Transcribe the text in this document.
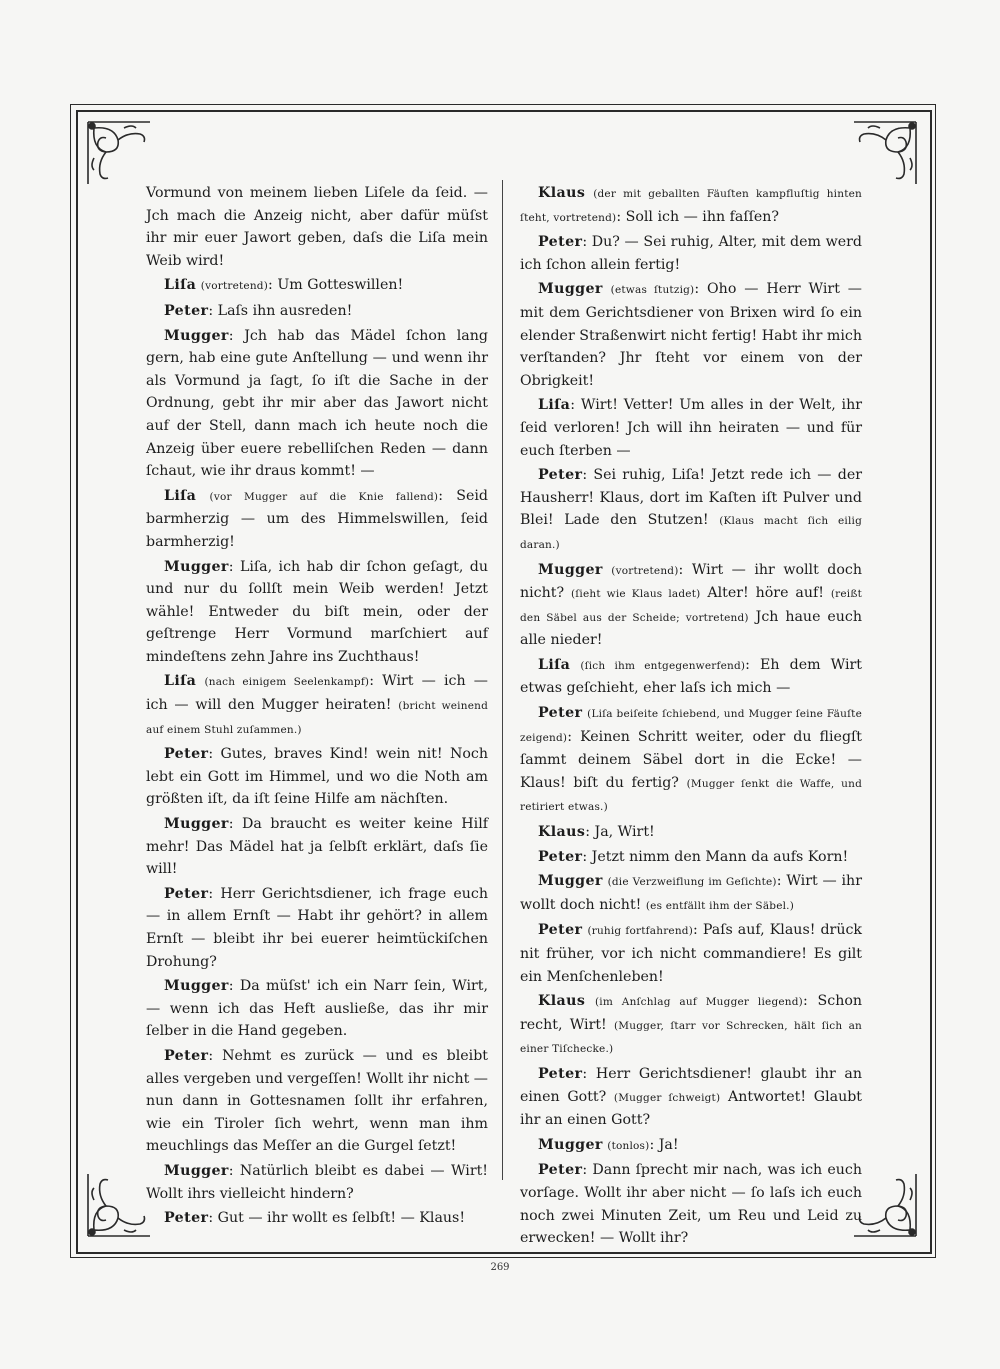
Vormund von meinem lieben Liſele da ſeid. — Jch mach die Anzeig nicht, aber dafür müſst ihr mir euer Jawort geben, daſs die Liſa mein Weib wird!

Liſa (vortretend): Um Gotteswillen!

Peter: Laſs ihn ausreden!

Mugger: Jch hab das Mädel ſchon lang gern, hab eine gute Anſtellung — und wenn ihr als Vormund ja ſagt, ſo iſt die Sache in der Ordnung, gebt ihr mir aber das Jawort nicht auf der Stell, dann mach ich heute noch die Anzeig über euere rebelliſchen Reden — dann ſchaut, wie ihr draus kommt! —

Liſa (vor Mugger auf die Knie fallend): Seid barmherzig — um des Himmelswillen, ſeid barmherzig!

Mugger: Liſa, ich hab dir ſchon geſagt, du und nur du ſollſt mein Weib werden! Jetzt wähle! Entweder du biſt mein, oder der geſtrenge Herr Vormund marſchiert auf mindeſtens zehn Jahre ins Zuchthaus!

Liſa (nach einigem Seelenkampf): Wirt — ich — ich — will den Mugger heiraten! (bricht weinend auf einem Stuhl zuſammen.)

Peter: Gutes, braves Kind! wein nit! Noch lebt ein Gott im Himmel, und wo die Noth am größten iſt, da iſt ſeine Hilfe am nächſten.

Mugger: Da braucht es weiter keine Hilf mehr! Das Mädel hat ja ſelbſt erklärt, daſs ſie will!

Peter: Herr Gerichtsdiener, ich frage euch — in allem Ernſt — Habt ihr gehört? in allem Ernſt — bleibt ihr bei euerer heimtückiſchen Drohung?

Mugger: Da müſst' ich ein Narr ſein, Wirt, — wenn ich das Heft ausließe, das ihr mir ſelber in die Hand gegeben.

Peter: Nehmt es zurück — und es bleibt alles vergeben und vergeſſen! Wollt ihr nicht — nun dann in Gottesnamen ſollt ihr erfahren, wie ein Tiroler ſich wehrt, wenn man ihm meuchlings das Meſſer an die Gurgel ſetzt!

Mugger: Natürlich bleibt es dabei — Wirt! Wollt ihrs vielleicht hindern?

Peter: Gut — ihr wollt es ſelbſt! — Klaus!

Klaus (der mit geballten Fäuſten kampfluſtig hinten ſteht, vortretend): Soll ich — ihn faſſen?

Peter: Du? — Sei ruhig, Alter, mit dem werd ich ſchon allein fertig!

Mugger (etwas ſtutzig): Oho — Herr Wirt — mit dem Gerichtsdiener von Brixen wird ſo ein elender Straßenwirt nicht fertig! Habt ihr mich verſtanden? Jhr ſteht vor einem von der Obrigkeit!

Liſa: Wirt! Vetter! Um alles in der Welt, ihr ſeid verloren! Jch will ihn heiraten — und für euch ſterben —

Peter: Sei ruhig, Liſa! Jetzt rede ich — der Hausherr! Klaus, dort im Kaſten iſt Pulver und Blei! Lade den Stutzen! (Klaus macht ſich eilig daran.)

Mugger (vortretend): Wirt — ihr wollt doch nicht? (ſieht wie Klaus ladet) Alter! höre auf! (reißt den Säbel aus der Scheide; vortretend) Jch haue euch alle nieder!

Liſa (ſich ihm entgegenwerfend): Eh dem Wirt etwas geſchieht, eher laſs ich mich —

Peter (Liſa beiſeite ſchiebend, und Mugger ſeine Fäuſte zeigend): Keinen Schritt weiter, oder du fliegſt ſammt deinem Säbel dort in die Ecke! — Klaus! biſt du fertig? (Mugger ſenkt die Waffe, und retiriert etwas.)

Klaus: Ja, Wirt!

Peter: Jetzt nimm den Mann da aufs Korn!

Mugger (die Verzweiflung im Geſichte): Wirt — ihr wollt doch nicht! (es entfällt ihm der Säbel.)

Peter (ruhig fortfahrend): Paſs auf, Klaus! drück nit früher, vor ich nicht commandiere! Es gilt ein Menſchenleben!

Klaus (im Anſchlag auf Mugger liegend): Schon recht, Wirt! (Mugger, ſtarr vor Schrecken, hält ſich an einer Tiſchecke.)

Peter: Herr Gerichtsdiener! glaubt ihr an einen Gott? (Mugger ſchweigt) Antwortet! Glaubt ihr an einen Gott?

Mugger (tonlos): Ja!

Peter: Dann ſprecht mir nach, was ich euch vorſage. Wollt ihr aber nicht — ſo laſs ich euch noch zwei Minuten Zeit, um Reu und Leid zu erwecken! — Wollt ihr?

269
